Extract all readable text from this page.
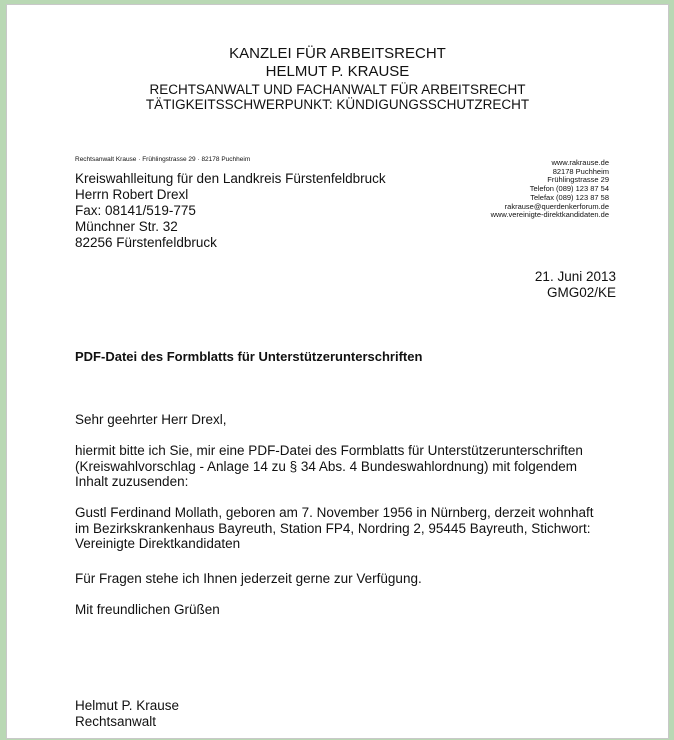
KANZLEI FÜR ARBEITSRECHT
HELMUT P. KRAUSE
RECHTSANWALT UND FACHANWALT FÜR ARBEITSRECHT
TÄTIGKEITSSCHWERPUNKT: KÜNDIGUNGSSCHUTZRECHT
Rechtsanwalt Krause · Frühlingstrasse 29 · 82178 Puchheim
Kreiswahlleitung für den Landkreis Fürstenfeldbruck
Herrn Robert Drexl
Fax: 08141/519-775
Münchner Str. 32
82256 Fürstenfeldbruck
www.rakrause.de
82178 Puchheim
Frühlingstrasse 29
Telefon (089) 123 87 54
Telefax (089) 123 87 58
rakrause@querdenkerforum.de
www.vereinigte-direktkandidaten.de
21. Juni 2013
GMG02/KE
PDF-Datei des Formblatts für Unterstützerunterschriften
Sehr geehrter Herr Drexl,
hiermit bitte ich Sie, mir eine PDF-Datei des Formblatts für Unterstützerunterschriften
(Kreiswahlvorschlag - Anlage 14 zu § 34 Abs. 4 Bundeswahlordnung) mit folgendem
Inhalt zuzusenden:
Gustl Ferdinand Mollath, geboren am 7. November 1956 in Nürnberg, derzeit wohnhaft
im Bezirkskrankenhaus Bayreuth, Station FP4, Nordring 2, 95445 Bayreuth, Stichwort:
Vereinigte Direktkandidaten
Für Fragen stehe ich Ihnen jederzeit gerne zur Verfügung.
Mit freundlichen Grüßen
Helmut P. Krause
Rechtsanwalt
